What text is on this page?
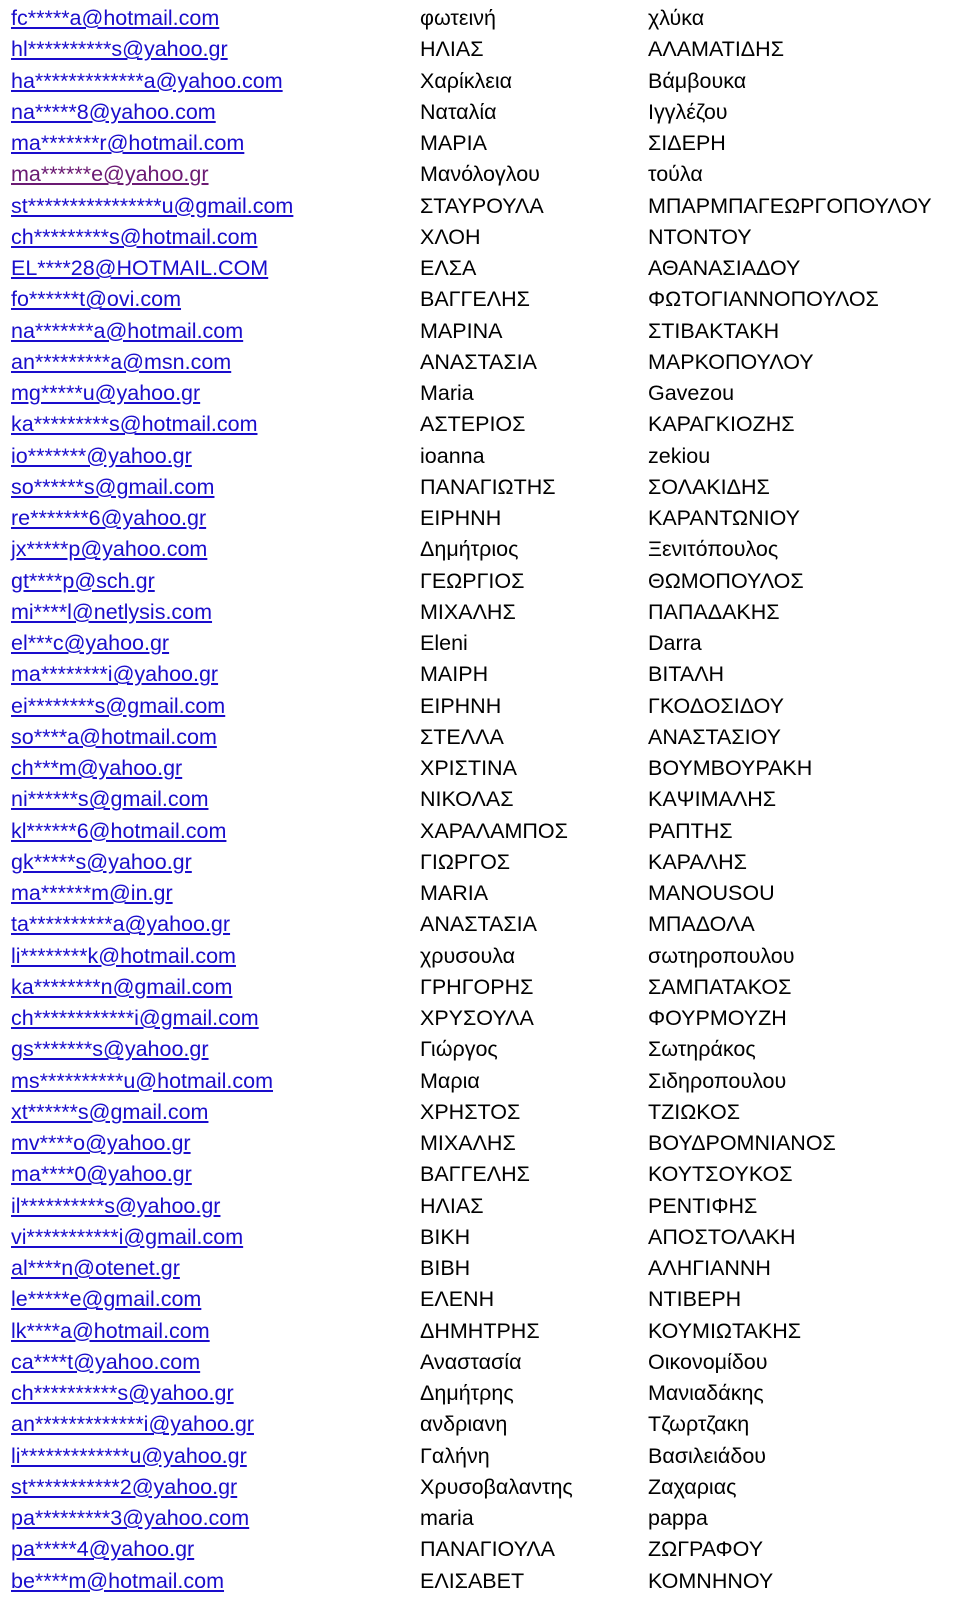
fc*****a@hotmail.com	φωτεινή	χλύκα
hl**********s@yahoo.gr	ΗΛΙΑΣ	ΑΛΑΜΑΤΙΔΗΣ
ha*************a@yahoo.com	Χαρίκλεια	Βάμβουκα
na*****8@yahoo.com	Ναταλία	Ιγγλέζου
ma*******r@hotmail.com	ΜΑΡΙΑ	ΣΙΔΕΡΗ
ma******e@yahoo.gr	Μανόλογλου	τούλα
st****************u@gmail.com	ΣΤΑΥΡΟΥΛΑ	ΜΠΑΡΜΠΑΓΕΩΡΓΟΠΟΥΛΟΥ
ch*********s@hotmail.com	ΧΛΟΗ	ΝΤΟΝΤΟΥ
EL****28@HOTMAIL.COM	ΕΛΣΑ	ΑΘΑΝΑΣΙΑΔΟΥ
fo******t@ovi.com	ΒΑΓΓΕΛΗΣ	ΦΩΤΟΓΙΑΝΝΟΠΟΥΛΟΣ
na*******a@hotmail.com	ΜΑΡΙΝΑ	ΣΤΙΒΑΚΤΑΚΗ
an*********a@msn.com	ΑΝΑΣΤΑΣΙΑ	ΜΑΡΚΟΠΟΥΛΟΥ
mg*****u@yahoo.gr	Maria	Gavezou
ka*********s@hotmail.com	ΑΣΤΕΡΙΟΣ	ΚΑΡΑΓΚΙΟΖΗΣ
io*******@yahoo.gr	ioanna	zekiou
so******s@gmail.com	ΠΑΝΑΓΙΩΤΗΣ	ΣΟΛΑΚΙΔΗΣ
re*******6@yahoo.gr	ΕΙΡΗΝΗ	ΚΑΡΑΝΤΩΝΙΟΥ
jx*****p@yahoo.com	Δημήτριος	Ξενιτόπουλος
gt****p@sch.gr	ΓΕΩΡΓΙΟΣ	ΘΩΜΟΠΟΥΛΟΣ
mi****l@netlysis.com	ΜΙΧΑΛΗΣ	ΠΑΠΑΔΑΚΗΣ
el***c@yahoo.gr	Eleni	Darra
ma********i@yahoo.gr	ΜΑΙΡΗ	ΒΙΤΑΛΗ
ei********s@gmail.com	ΕΙΡΗΝΗ	ΓΚΟΔΟΣΙΔΟΥ
so****a@hotmail.com	ΣΤΕΛΛΑ	ΑΝΑΣΤΑΣΙΟΥ
ch***m@yahoo.gr	ΧΡΙΣΤΙΝΑ	ΒΟΥΜΒΟΥΡΑΚΗ
ni******s@gmail.com	ΝΙΚΟΛΑΣ	ΚΑΨΙΜΑΛΗΣ
kl******6@hotmail.com	ΧΑΡΑΛΑΜΠΟΣ	ΡΑΠΤΗΣ
gk*****s@yahoo.gr	ΓΙΩΡΓΟΣ	ΚΑΡΑΛΗΣ
ma******m@in.gr	MARIA	MANOUSOU
ta**********a@yahoo.gr	ΑΝΑΣΤΑΣΙΑ	ΜΠΑΔΟΛΑ
li********k@hotmail.com	χρυσουλα	σωτηροπουλου
ka********n@gmail.com	ΓΡΗΓΟΡΗΣ	ΣΑΜΠΑΤΑΚΟΣ
ch************i@gmail.com	ΧΡΥΣΟΥΛΑ	ΦΟΥΡΜΟΥΖΗ
gs*******s@yahoo.gr	Γιώργος	Σωτηράκος
ms**********u@hotmail.com	Μαρια	Σιδηροπουλου
xt******s@gmail.com	ΧΡΗΣΤΟΣ	ΤΖΙΩΚΟΣ
mv****o@yahoo.gr	ΜΙΧΑΛΗΣ	ΒΟΥΔΡΟΜΝΙΑΝΟΣ
ma****0@yahoo.gr	ΒΑΓΓΕΛΗΣ	ΚΟΥΤΣΟΥΚΟΣ
il**********s@yahoo.gr	ΗΛΙΑΣ	ΡΕΝΤΙΦΗΣ
vi***********i@gmail.com	ΒΙΚΗ	ΑΠΟΣΤΟΛΑΚΗ
al****n@otenet.gr	ΒΙΒΗ	ΑΛΗΓΙΑΝΝΗ
le*****e@gmail.com	ΕΛΕΝΗ	ΝΤΙΒΕΡΗ
lk****a@hotmail.com	ΔΗΜΗΤΡΗΣ	ΚΟΥΜΙΩΤΑΚΗΣ
ca****t@yahoo.com	Αναστασία	Οικονομίδου
ch**********s@yahoo.gr	Δημήτρης	Μανιαδάκης
an*************i@yahoo.gr	ανδριανη	Τζωρτζακη
li*************u@yahoo.gr	Γαλήνη	Βασιλειάδου
st***********2@yahoo.gr	Χρυσοβαλαντης	Ζαχαριας
pa*********3@yahoo.com	maria	pappa
pa*****4@yahoo.gr	ΠΑΝΑΓΙΟΥΛΑ	ΖΩΓΡΑΦΟΥ
be****m@hotmail.com	ΕΛΙΣΑΒΕΤ	ΚΟΜΝΗΝΟΥ
